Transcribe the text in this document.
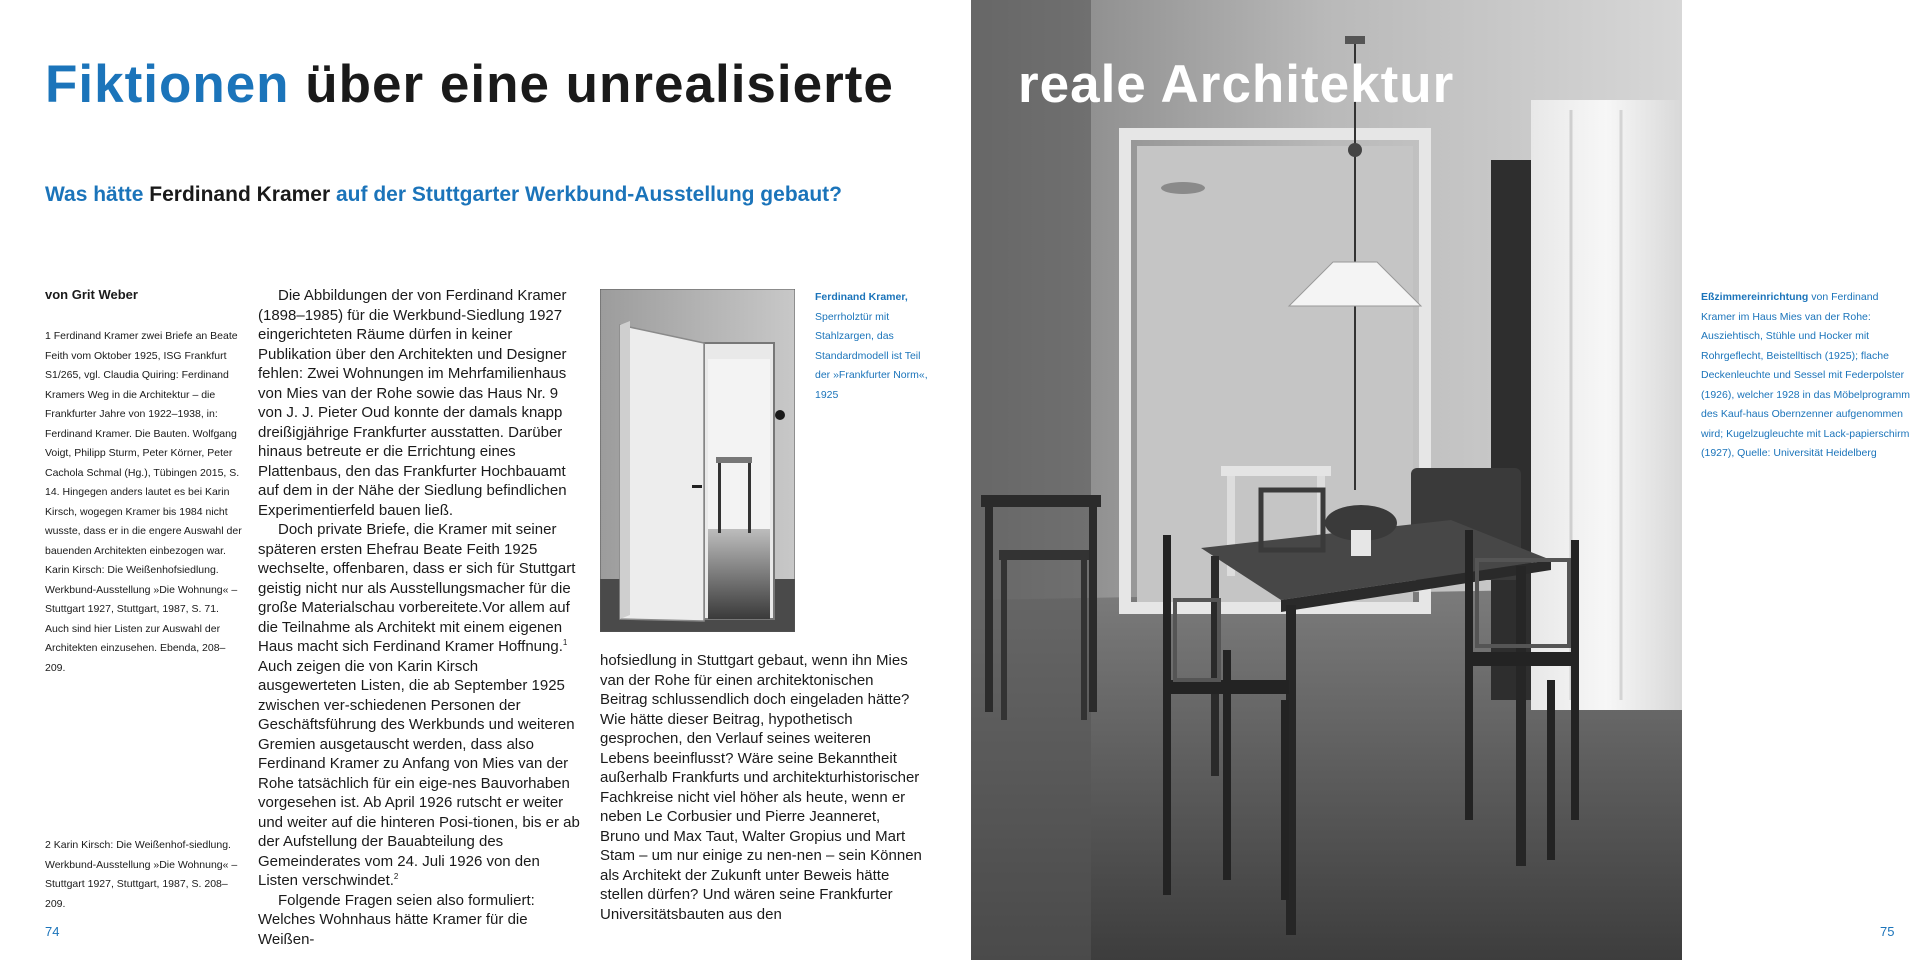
Fiktionen über eine unrealisierte
Was hätte Ferdinand Kramer auf der Stuttgarter Werkbund-Ausstellung gebaut?
von Grit Weber
1 Ferdinand Kramer zwei Briefe an Beate Feith vom Oktober 1925, ISG Frankfurt S1/265, vgl. Claudia Quiring: Ferdinand Kramers Weg in die Architektur – die Frankfurter Jahre von 1922–1938, in: Ferdinand Kramer. Die Bauten. Wolfgang Voigt, Philipp Sturm, Peter Körner, Peter Cachola Schmal (Hg.), Tübingen 2015, S. 14. Hingegen anders lautet es bei Karin Kirsch, wogegen Kramer bis 1984 nicht wusste, dass er in die engere Auswahl der bauenden Architekten einbezogen war. Karin Kirsch: Die Weißenhofsiedlung. Werkbund-Ausstellung »Die Wohnung« – Stuttgart 1927, Stuttgart, 1987, S. 71. Auch sind hier Listen zur Auswahl der Architekten einzusehen. Ebenda, 208–209.
2 Karin Kirsch: Die Weißenhof-siedlung. Werkbund-Ausstellung »Die Wohnung« – Stuttgart 1927, Stuttgart, 1987, S. 208–209.

Die Abbildungen der von Ferdinand Kramer (1898–1985) für die Werkbund-Siedlung 1927 eingerichteten Räume dürfen in keiner Publikation über den Architekten und Designer fehlen: Zwei Wohnungen im Mehrfamilienhaus von Mies van der Rohe sowie das Haus Nr. 9 von J. J. Pieter Oud konnte der damals knapp dreißigjährige Frankfurter ausstatten. Darüber hinaus betreute er die Errichtung eines Plattenbaus, den das Frankfurter Hochbauamt auf dem in der Nähe der Siedlung befindlichen Experimentierfeld bauen ließ.

Doch private Briefe, die Kramer mit seiner späteren ersten Ehefrau Beate Feith 1925 wechselte, offenbaren, dass er sich für Stuttgart geistig nicht nur als Ausstellungsmacher für die große Materialschau vorbereitete.Vor allem auf die Teilnahme als Architekt mit einem eigenen Haus macht sich Ferdinand Kramer Hoffnung.$^1$ Auch zeigen die von Karin Kirsch ausgewerteten Listen, die ab September 1925 zwischen ver-schiedenen Personen der Geschäftsführung des Werkbunds und weiteren Gremien ausgetauscht werden, dass also Ferdinand Kramer zu Anfang von Mies van der Rohe tatsächlich für ein eige-nes Bauvorhaben vorgesehen ist. Ab April 1926 rutscht er weiter und weiter auf die hinteren Posi-tionen, bis er ab der Aufstellung der Bauabteilung des Gemeinderates vom 24. Juli 1926 von den Listen verschwindet.$^2$

Folgende Fragen seien also formuliert: Welches Wohnhaus hätte Kramer für die Weißen-

Ferdinand Kramer,
Sperrholztür mit Stahlzargen, das Standardmodell ist Teil der »Frankfurter Norm«, 1925

hofsiedlung in Stuttgart gebaut, wenn ihn Mies van der Rohe für einen architektonischen Beitrag schlussendlich doch eingeladen hätte? Wie hätte dieser Beitrag, hypothetisch gesprochen, den Verlauf seines weiteren Lebens beeinflusst? Wäre seine Bekanntheit außerhalb Frankfurts und architekturhistorischer Fachkreise nicht viel höher als heute, wenn er neben Le Corbusier und Pierre Jeanneret, Bruno und Max Taut, Walter Gropius und Mart Stam – um nur einige zu nen-nen – sein Können als Architekt der Zukunft unter Beweis hätte stellen dürfen? Und wären seine Frankfurter Universitätsbauten aus den

reale Architektur
Eßzimmereinrichtung von Ferdinand Kramer im Haus Mies van der Rohe: Ausziehtisch, Stühle und Hocker mit Rohrgeflecht, Beistelltisch (1925); flache Deckenleuchte und Sessel mit Federpolster (1926), welcher 1928 in das Möbelprogramm des Kauf-haus Obernzenner aufgenommen wird; Kugelzugleuchte mit Lack-papierschirm (1927), Quelle: Universität Heidelberg
74	75
